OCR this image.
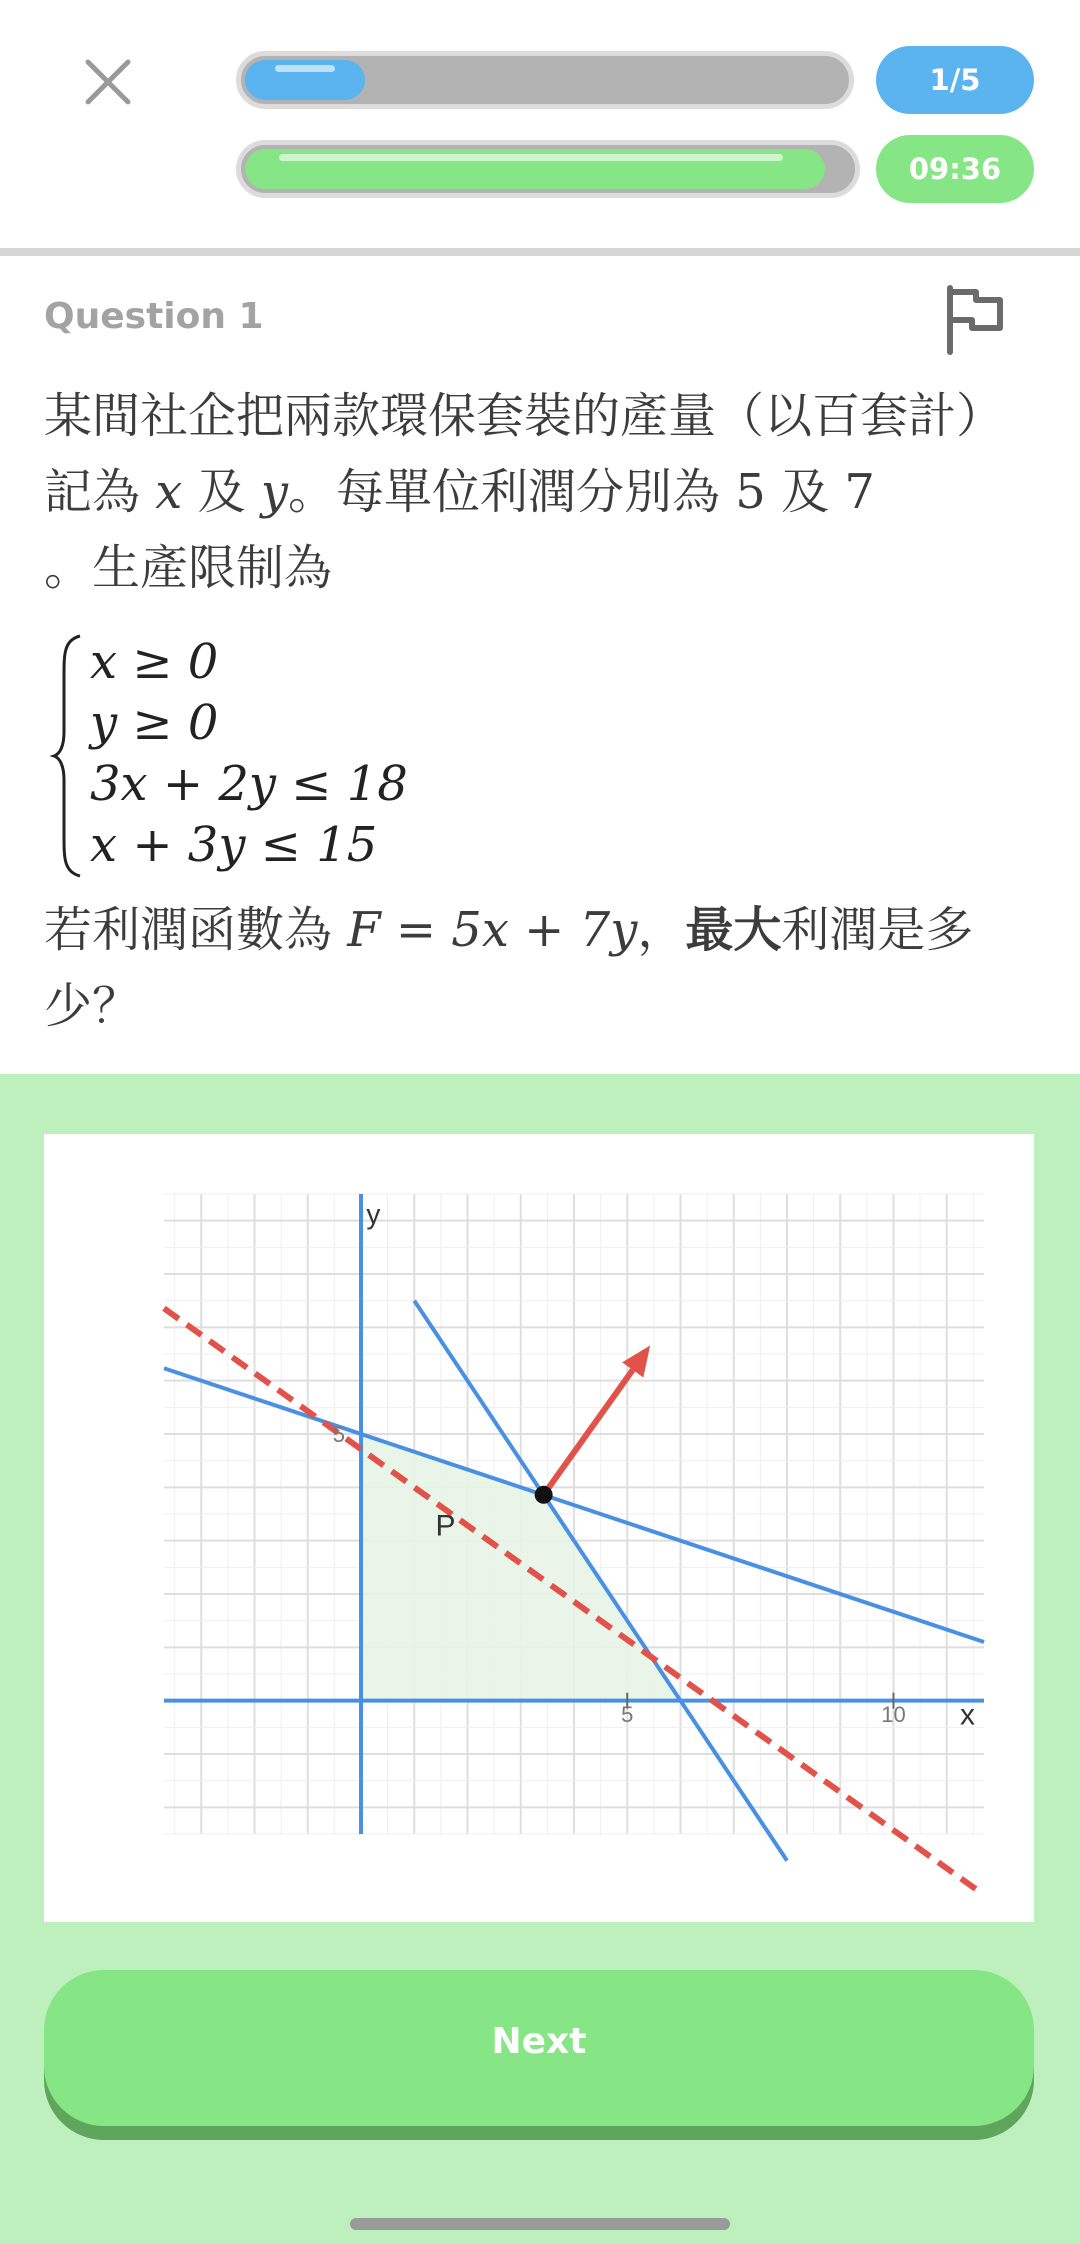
1/5
09:36
Question 1
某間社企把兩款環保套裝的產量（以百套計）記為 x 及 y。每單位利潤分別為 5 及 7
。生產限制為
x ≥ 0
y ≥ 0
3x + 2y ≤ 18
x + 3y ≤ 15
若利潤函數為 F = 5x + 7y，最大利潤是多少？
P
x
y
5	10
5
Next
